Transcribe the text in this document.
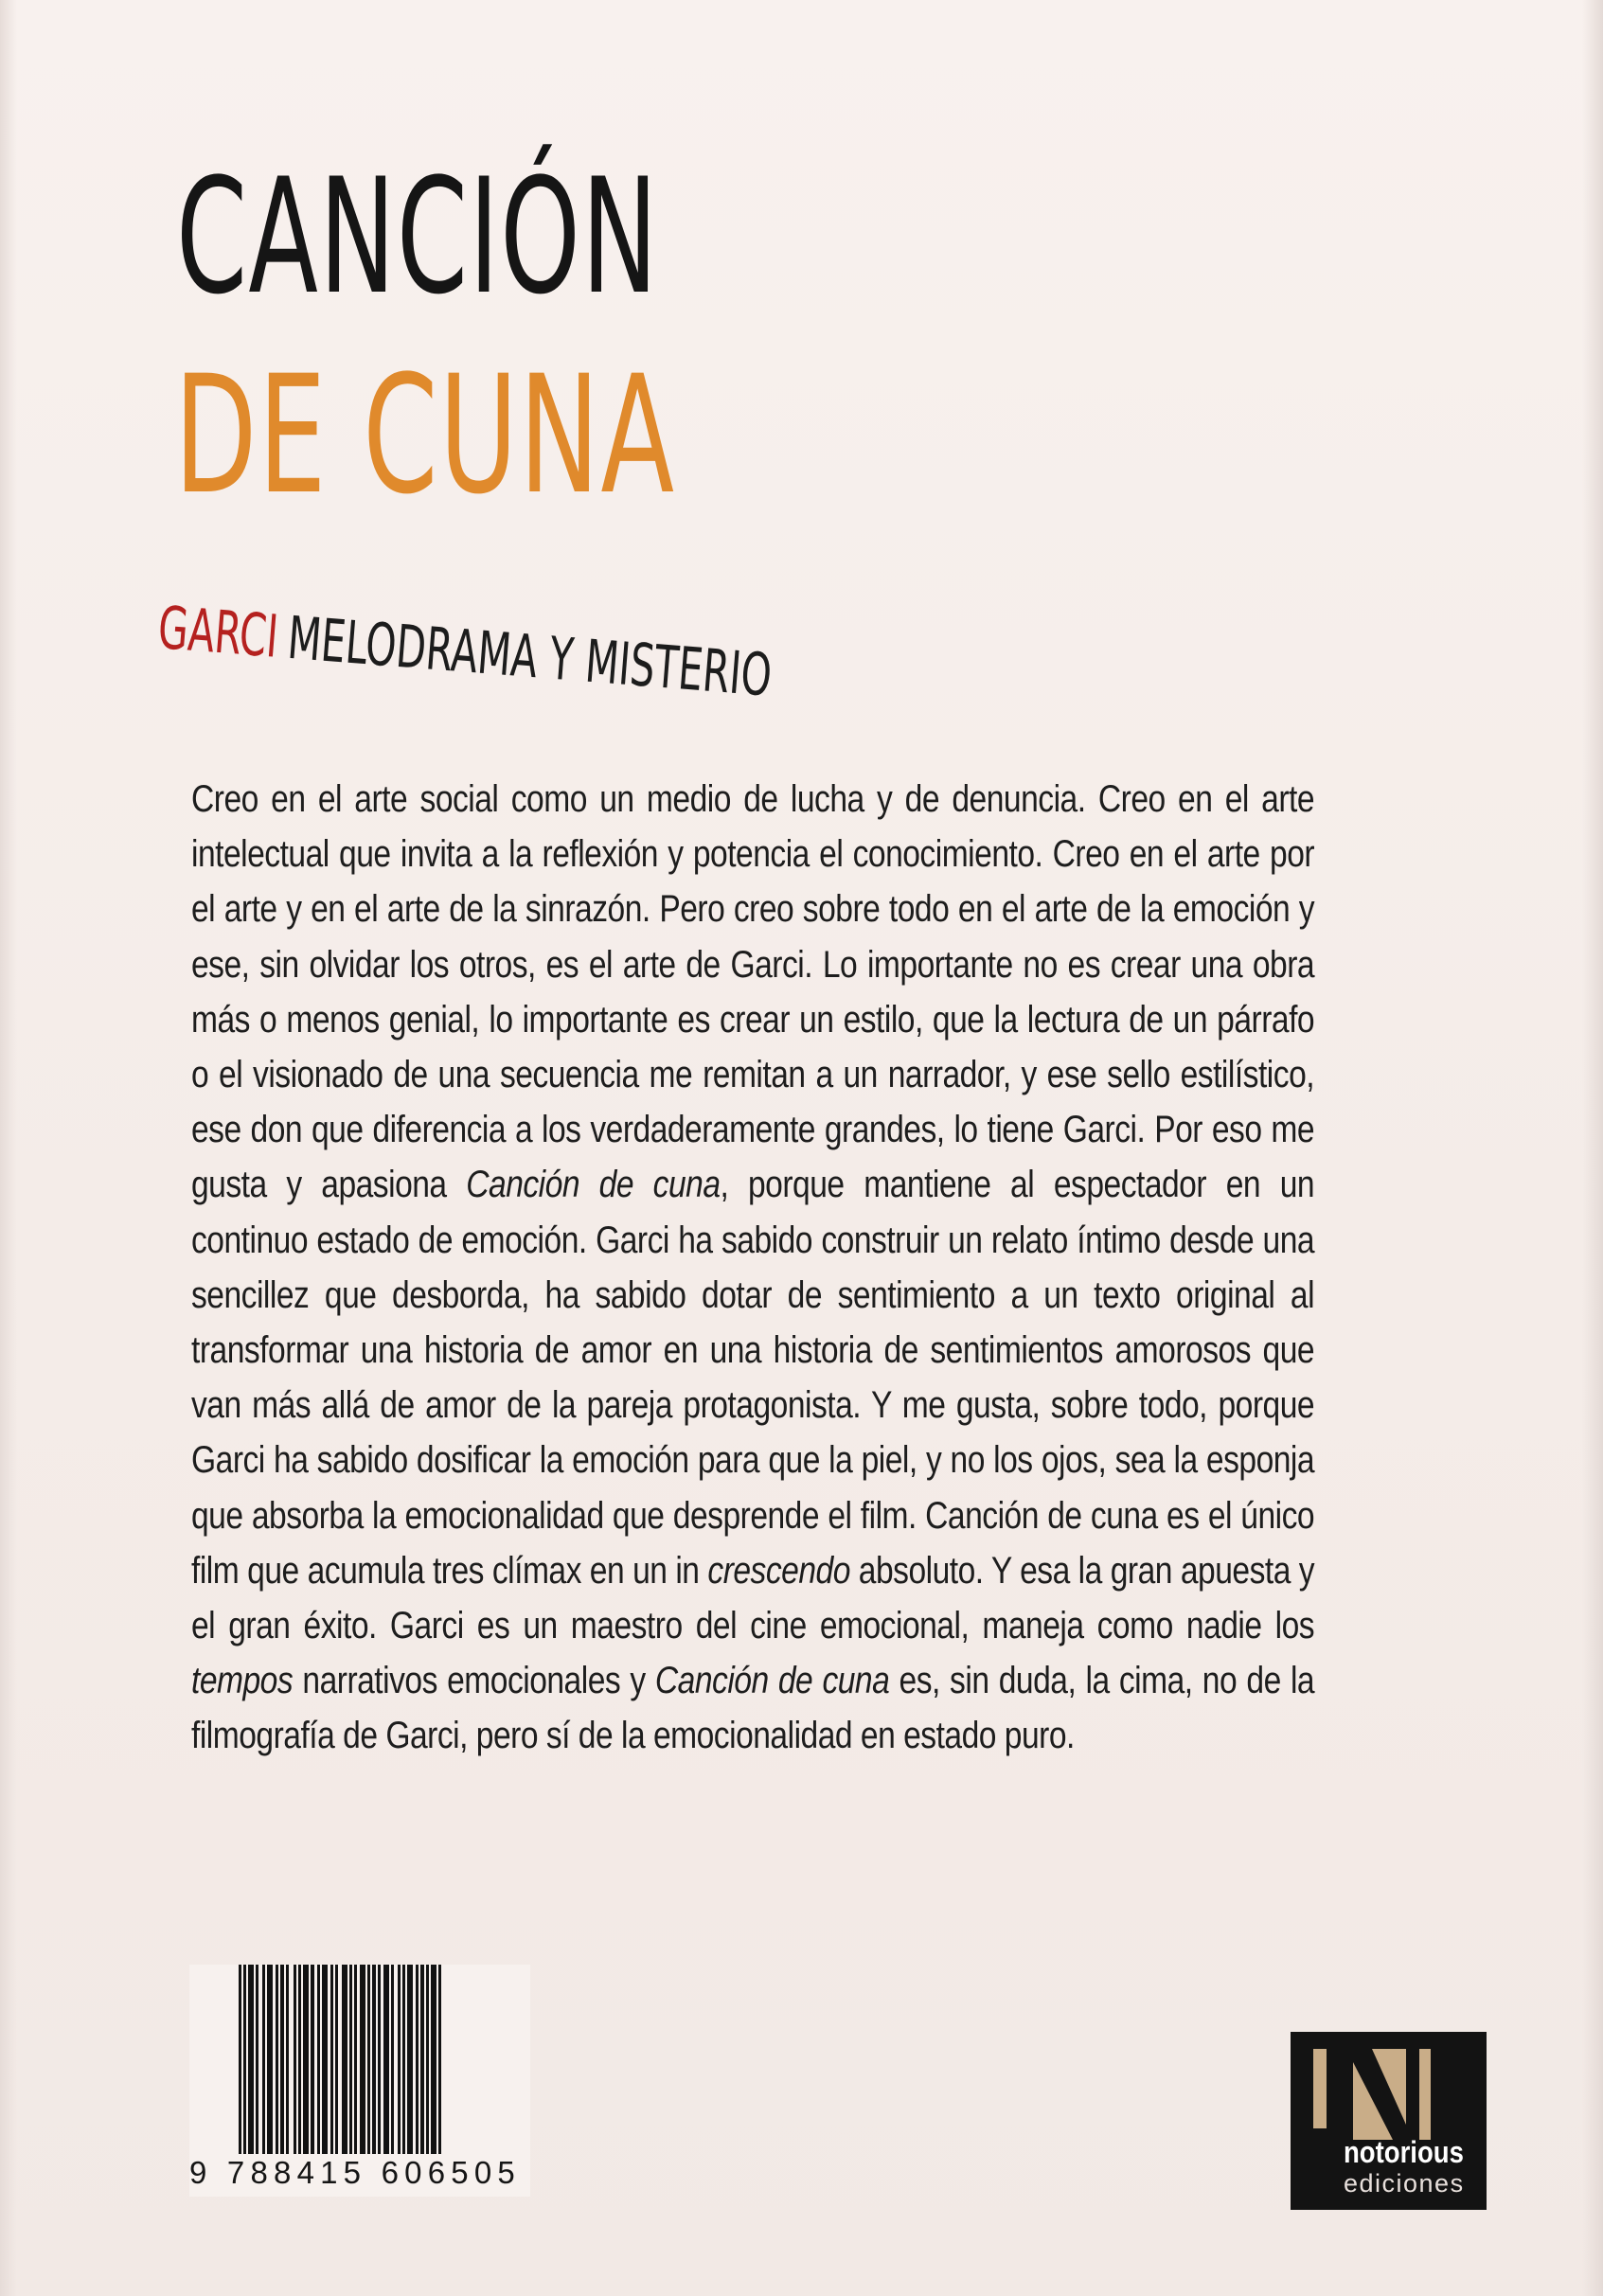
CANCIÓN
DE CUNA
GARCIMELODRAMA Y MISTERIO

Creo en el arte social como un medio de lucha y de denuncia. Creo en el arte intelectual que invita a la reflexión y potencia el conocimiento. Creo en el arte por el arte y en el arte de la sinrazón. Pero creo sobre todo en el arte de la emoción y ese, sin olvidar los otros, es el arte de Garci. Lo importante no es crear una obra más o menos genial, lo importante es crear un estilo, que la lectura de un párrafo o el visionado de una secuencia me remitan a un narrador, y ese sello estilístico, ese don que diferencia a los verdaderamente grandes, lo tiene Garci. Por eso me gusta y apasiona Canción de cuna, porque mantiene al espectador en un continuo estado de emoción. Garci ha sabido construir un relato íntimo desde una sencillez que desborda, ha sabido dotar de sentimiento a un texto original al transformar una historia de amor en una historia de sentimientos amorosos que van más allá de amor de la pareja protagonista. Y me gusta, sobre todo, porque Garci ha sabido dosificar la emoción para que la piel, y no los ojos, sea la esponja que absorba la emocionalidad que desprende el film. Canción de cuna es el único film que acumula tres clímax en un in crescendo absoluto. Y esa la gran apuesta y el gran éxito. Garci es un maestro del cine emocional, maneja como nadie los tempos narrativos emocionales y Canción de cuna es, sin duda, la cima, no de la filmografía de Garci, pero sí de la emocionalidad en estado puro.

9 788415 606505
notorious
ediciones
